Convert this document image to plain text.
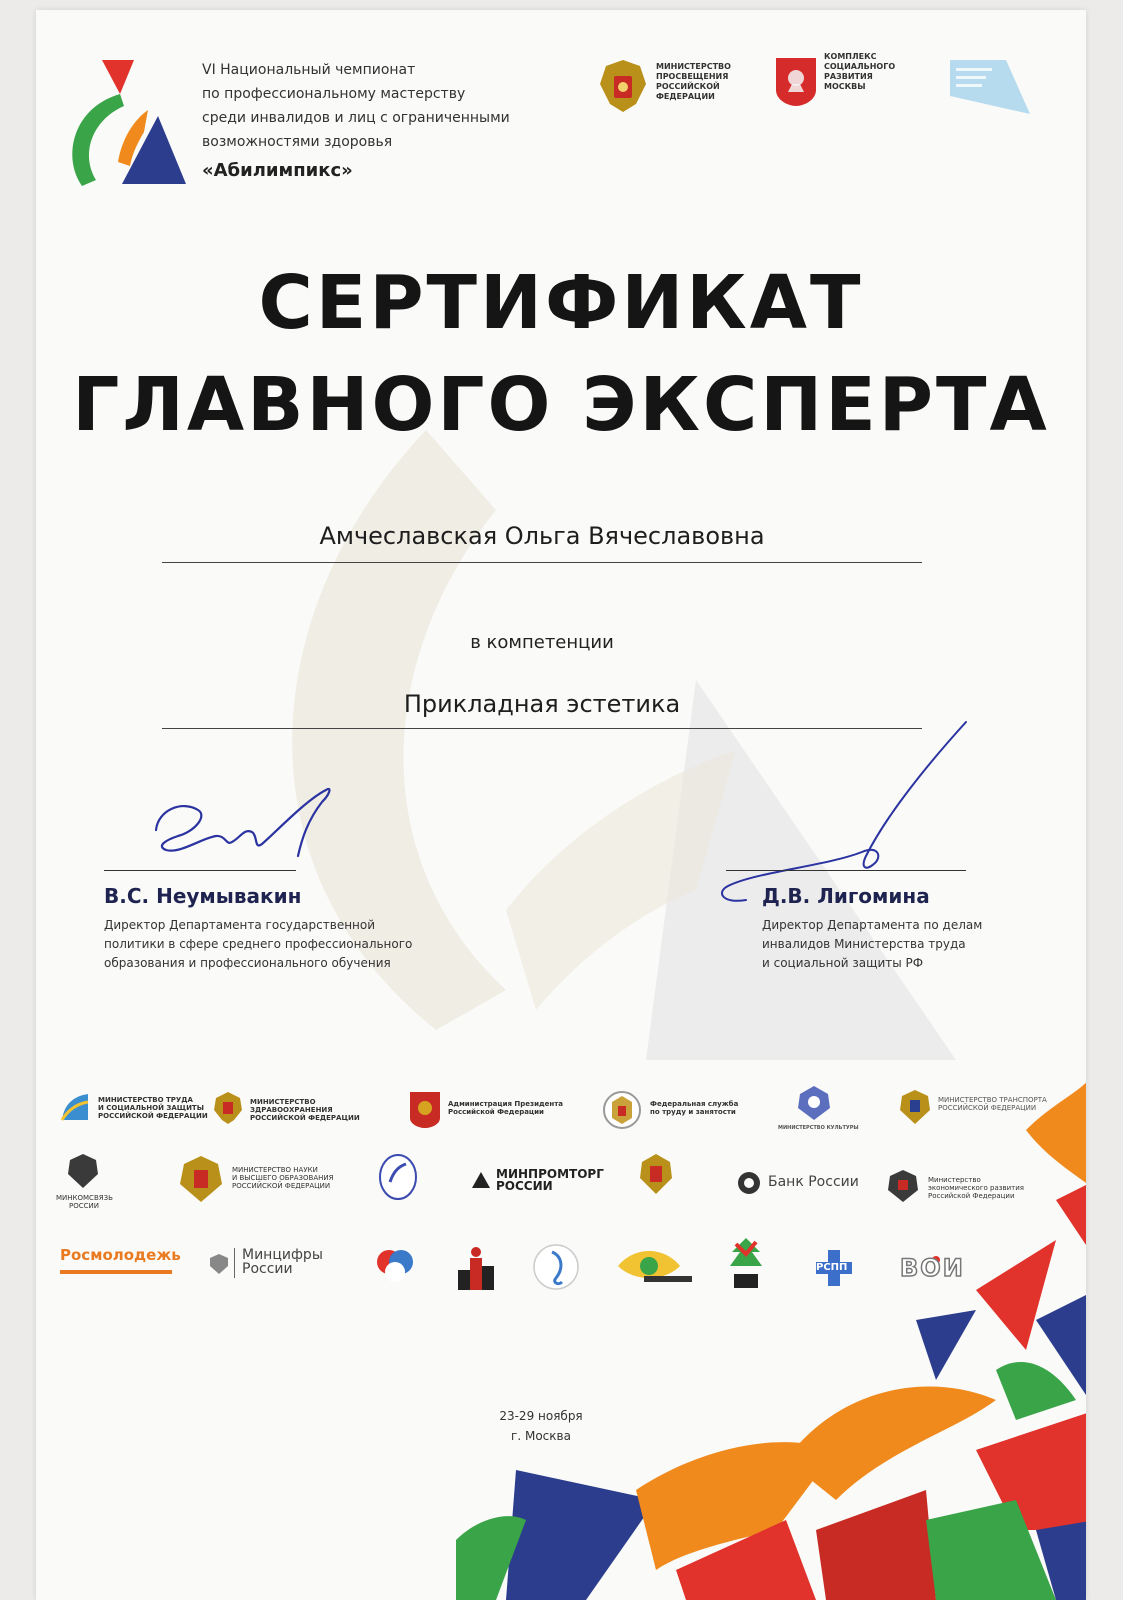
VI Национальный чемпионат
по профессиональному мастерству
среди инвалидов и лиц с ограниченными
возможностями здоровья
«Абилимпикс»
МИНИСТЕРСТВО
ПРОСВЕЩЕНИЯ
РОССИЙСКОЙ
ФЕДЕРАЦИИ
КОМПЛЕКС
СОЦИАЛЬНОГО
РАЗВИТИЯ
МОСКВЫ
СЕРТИФИКАТ
ГЛАВНОГО ЭКСПЕРТА
Амчеславская Ольга Вячеславовна
в компетенции
Прикладная эстетика
В.С. Неумывакин
Директор Департамента государственной
политики в сфере среднего профессионального
образования и профессионального обучения
Д.В. Лигомина
Директор Департамента по делам
инвалидов Министерства труда
и социальной защиты РФ
МИНИСТЕРСТВО ТРУДА
И СОЦИАЛЬНОЙ ЗАЩИТЫ
РОССИЙСКОЙ ФЕДЕРАЦИИ
МИНИСТЕРСТВО
ЗДРАВООХРАНЕНИЯ
РОССИЙСКОЙ ФЕДЕРАЦИИ
Администрация Президента
Российской Федерации
Федеральная служба
по труду и занятости
МИНИСТЕРСТВО КУЛЬТУРЫ
МИНИСТЕРСТВО ТРАНСПОРТА
РОССИЙСКОЙ ФЕДЕРАЦИИ
МИНКОМСВЯЗЬ
РОССИИ
МИНИСТЕРСТВО НАУКИ
И ВЫСШЕГО ОБРАЗОВАНИЯ
РОССИЙСКОЙ ФЕДЕРАЦИИ
МИНПРОМТОРГ
РОССИИ	Банк России	Министерство
экономического развития
Российской Федерации
Росмолодежь	Минцифры
России	РСПП ВОИ
23-29 ноября
г. Москва
